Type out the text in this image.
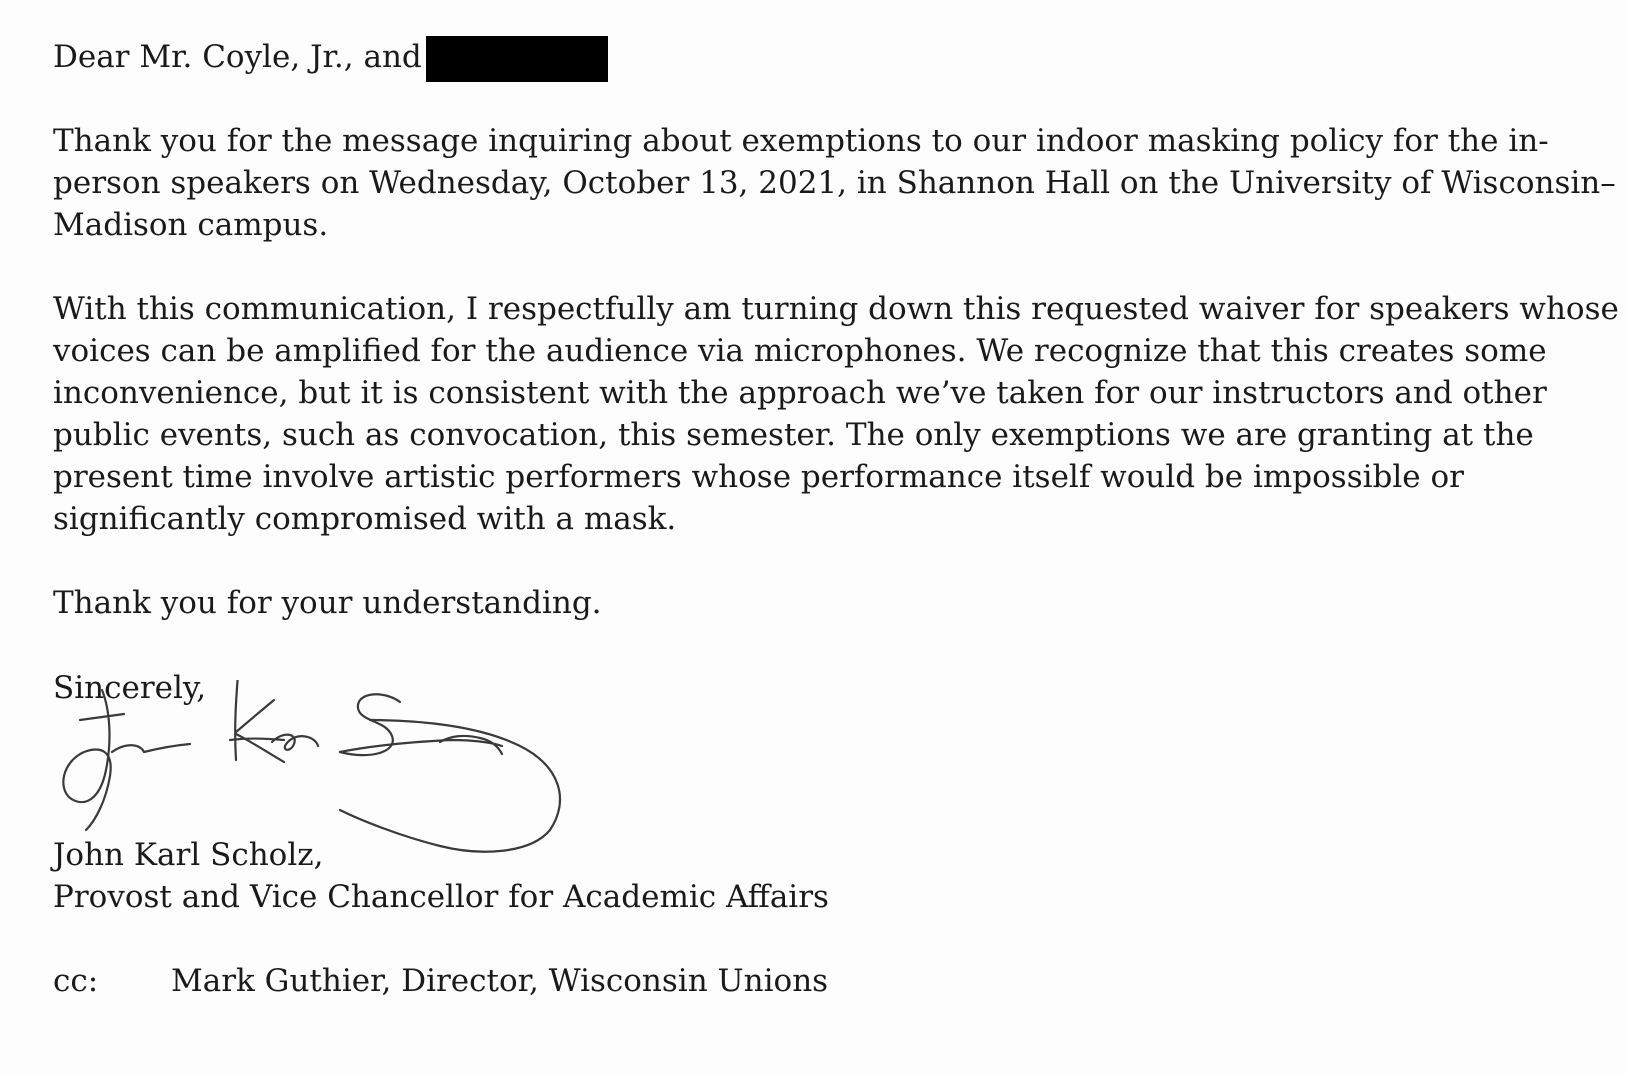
Dear Mr. Coyle, Jr., and
Thank you for the message inquiring about exemptions to our indoor masking policy for the in-
person speakers on Wednesday, October 13, 2021, in Shannon Hall on the University of Wisconsin–
Madison campus.
With this communication, I respectfully am turning down this requested waiver for speakers whose
voices can be amplified for the audience via microphones. We recognize that this creates some
inconvenience, but it is consistent with the approach we’ve taken for our instructors and other
public events, such as convocation, this semester. The only exemptions we are granting at the
present time involve artistic performers whose performance itself would be impossible or
significantly compromised with a mask.
Thank you for your understanding.
Sincerely,
John Karl Scholz,
Provost and Vice Chancellor for Academic Affairs
cc: Mark Guthier, Director, Wisconsin Unions
